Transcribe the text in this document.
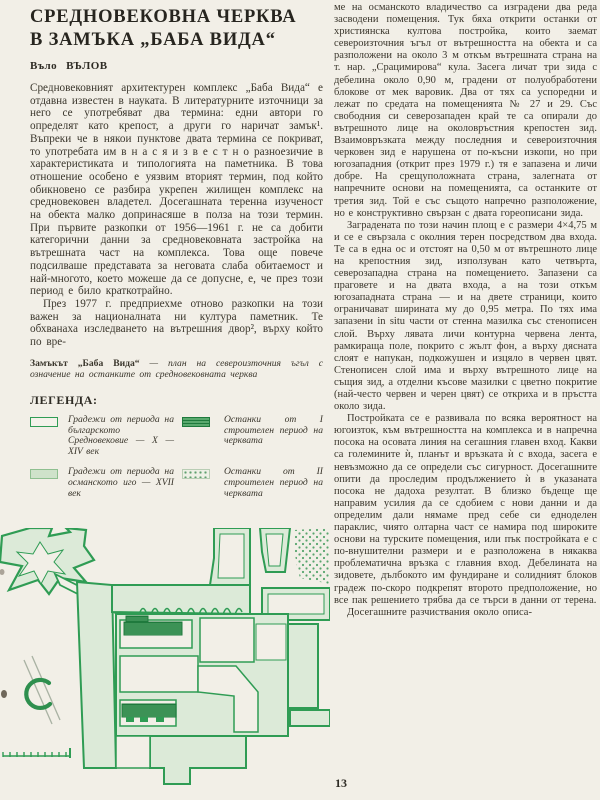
СРЕДНОВЕКОВНА ЧЕРКВА
В ЗАМЪКА „БАБА ВИДА“
Въло ВЪЛОВ

Средновековният архитектурен комплекс „Баба Вида“ е отдавна известен в науката. В литературните източници за него се употребяват два термина: едни автори го определят като крепост, а други го наричат замък¹. Въпреки че в някои пунктове двата термина се покриват, то употребата им в н а с я и з в е с т н о разноезичие в характеристиката и типологията на паметника. В това отношение особено е уязвим вторият термин, под който обикновено се разбира укрепен жилищен комплекс на средновековен владетел. Досегашната теренна изученост на обекта малко допринасяше в полза на този термин. При първите разкопки от 1956—1961 г. не са добити категорични данни за средновековната застройка на вътрешната част на комплекса. Това още повече подсилваше представата за неговата слаба обитаемост и най-многото, което можеше да се допусне, е, че през този период е било краткотрайно.

През 1977 г. предприехме отново разкопки на този важен за националната ни култура паметник. Те обхванаха изследването на вътрешния двор², върху който по вре-

Замъкът „Баба Вида“ — план на североизточния ъгъл с означение на останките от средновековната черква
ЛЕГЕНДА:
Градежи от периода на българското Средновековие — X — XIV век
Останки от I строителен период на черквата
Градежи от периода на османското иго — XVII век
Останки от II строителен период на черквата

ме на османското владичество са изградени два реда засводени помещения. Тук бяха открити останки от християнска култова постройка, които заемат североизточния ъгъл от вътрешността на обекта и са разположени на около 3 м откъм вътрешната страна на т. нар. „Срацимирова“ кула. Засега личат три зида с дебелина около 0,90 м, градени от полуобработени блокове от мек варовик. Два от тях са успоредни и лежат по средата на помещенията № 27 и 29. Със свободния си северозападен край те са опирали до вътрешното лице на околовръстния крепостен зид. Взаимовръзката между последния и североизточния черковен зид е нарушена от по-късни изкопи, но при югозападния (открит през 1979 г.) тя е запазена и личи добре. На срещуположната страна, залегната от напречните основи на помещенията, са останките от третия зид. Той е със същото напречно разположение, но е конструктивно свързан с двата гореописани зида.

Заградената по този начин площ е с размери 4×4,75 м и се е свързала с околния терен посредством два входа. Те са в една ос и отстоят на 0,50 м от вътрешното лице на крепостния зид, използуван като четвърта, северозападна страна на помещението. Запазени са праговете и на двата входа, а на този откъм югозападната страна — и на двете страници, които ограничават ширината му до 0,95 метра. По тях има запазени in situ части от стенна мазилка със стенописен слой. Върху лявата личи контурна червена лента, рамкираща поле, покрито с жълт фон, а върху дясната слоят е напукан, подкожушен и изцяло в червен цвят. Стенописен слой има и върху вътрешното лице на същия зид, а отделни късове мазилки с цветно покритие (най-често червен и черен цвят) се откриха и в пръстта около зида.

Постройката се е развивала по всяка вероятност на югоизток, към вътрешността на комплекса и в напречна посока на осовата линия на сегашния главен вход. Какви са големините ѝ, планът и връзката ѝ с входа, засега е невъзможно да се определи със сигурност. Досегашните опити да проследим продължението ѝ в указаната посока не дадоха резултат. В близко бъдеще ще направим усилия да се сдобием с нови данни и да определим дали нямаме пред себе си едноделен параклис, чиято олтарна част се намира под широките основи на турските помещения, или пък постройката е с по-внушителни размери и е разположена в някаква проблематична връзка с главния вход. Дебелината на зидовете, дълбокото им фундиране и солидният блоков градеж по-скоро подкрепят второто предположение, но все пак решението трябва да се търси в данни от терена.

Досегашните разчиствания около описа-

13
